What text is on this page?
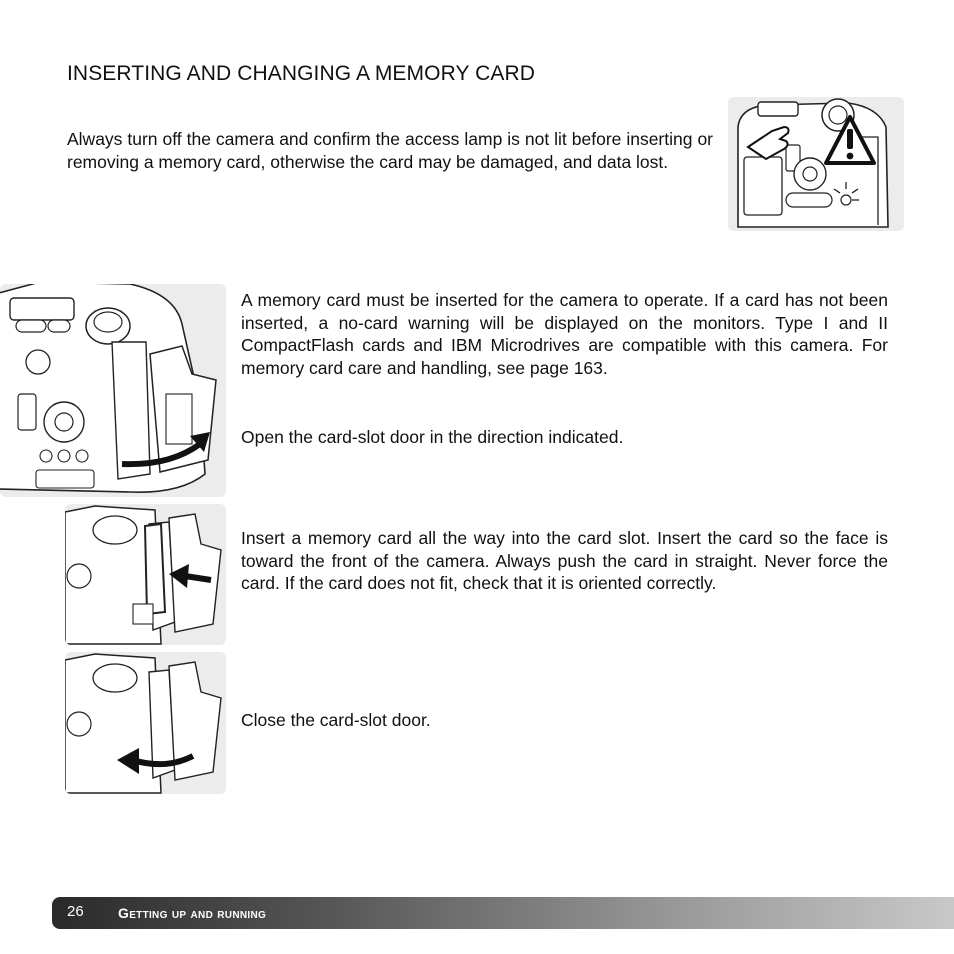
INSERTING AND CHANGING A MEMORY CARD

Always turn off the camera and confirm the access lamp is not lit before inserting or removing a memory card, otherwise the card may be damaged, and data lost.

A memory card must be inserted for the camera to operate. If a card has not been inserted, a no-card warning will be displayed on the monitors. Type I and II CompactFlash cards and IBM Microdrives are compatible with this camera. For memory card care and handling, see page 163.

Open the card-slot door in the direction indicated.

Insert a memory card all the way into the card slot. Insert the card so the face is toward the front of the camera. Always push the card in straight. Never force the card. If the card does not fit, check that it is oriented correctly.

Close the card-slot door.

26 Getting up and running
